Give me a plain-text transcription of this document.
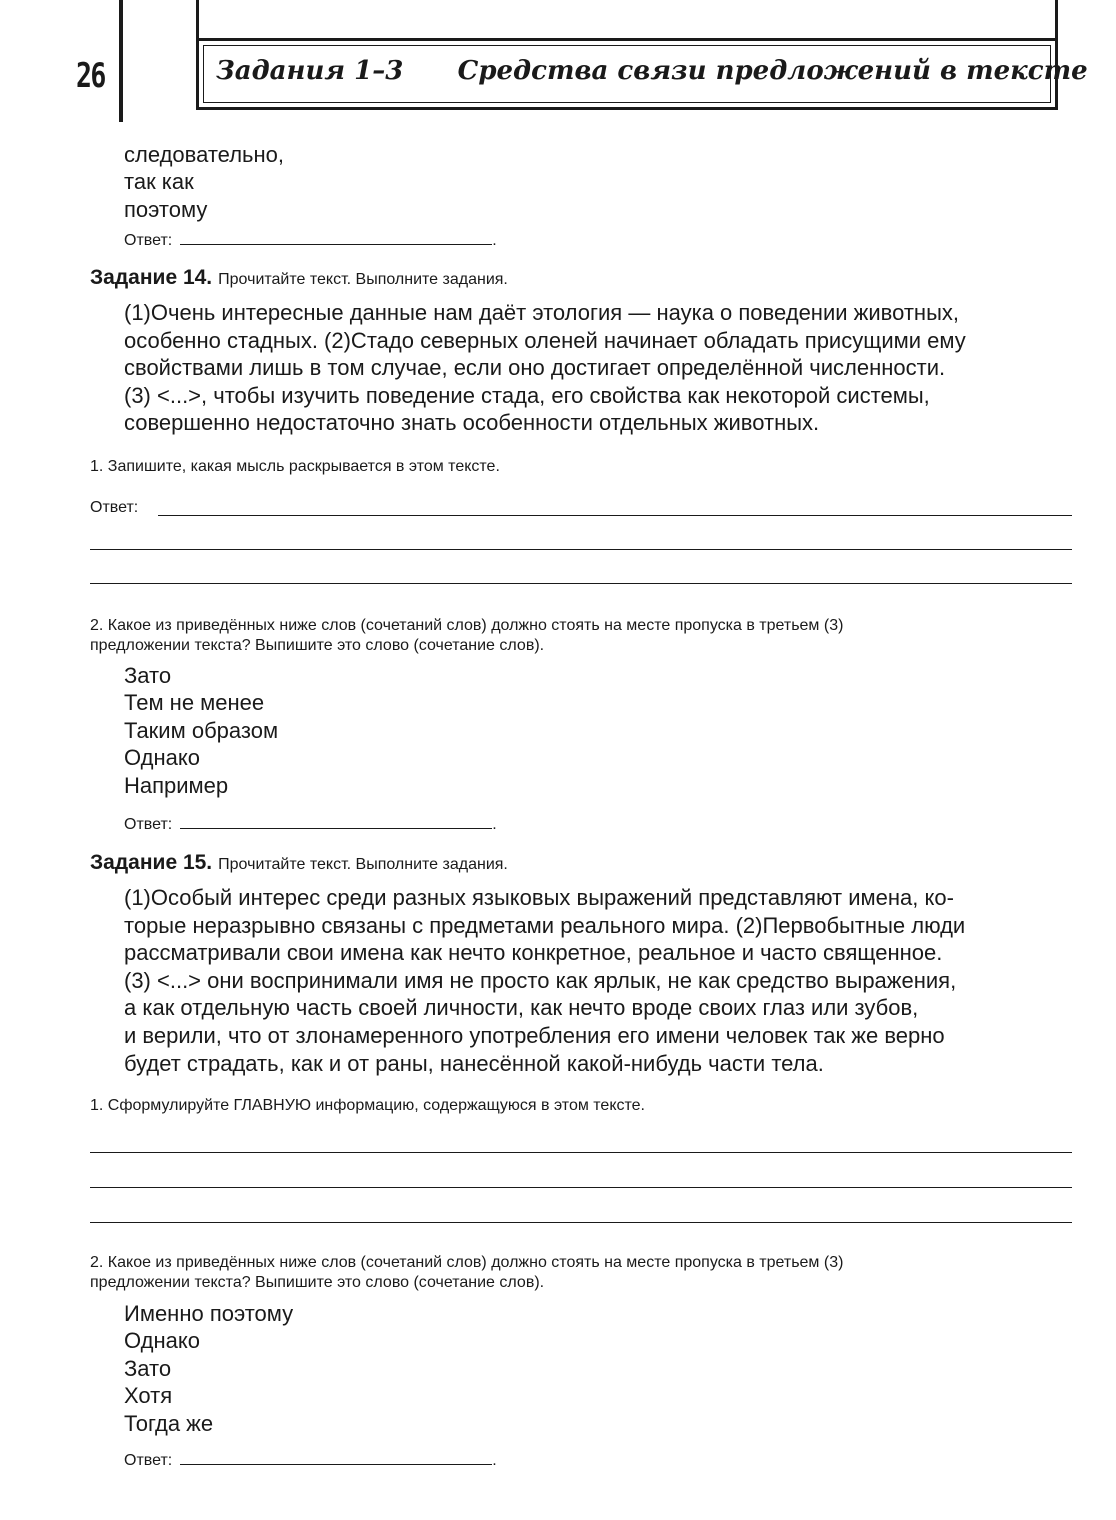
26	Задания 1–3 Средства связи предложений в тексте
следовательно,
так как
поэтому
Ответ:	.
Задание 14. Прочитайте текст. Выполните задания.
(1)Очень интересные данные нам даёт этология — наука о поведении животных,
особенно стадных. (2)Стадо северных оленей начинает обладать присущими ему
свойствами лишь в том случае, если оно достигает определённой численности.
(3) <...>, чтобы изучить поведение стада, его свойства как некоторой системы,
совершенно недостаточно знать особенности отдельных животных.
1. Запишите, какая мысль раскрывается в этом тексте.
Ответ:
2. Какое из приведённых ниже слов (сочетаний слов) должно стоять на месте пропуска в третьем (3)
предложении текста? Выпишите это слово (сочетание слов).
Зато
Тем не менее
Таким образом
Однако
Например
Ответ:	.
Задание 15. Прочитайте текст. Выполните задания.
(1)Особый интерес среди разных языковых выражений представляют имена, ко-
торые неразрывно связаны с предметами реального мира. (2)Первобытные люди
рассматривали свои имена как нечто конкретное, реальное и часто священное.
(3) <...> они воспринимали имя не просто как ярлык, не как средство выражения,
а как отдельную часть своей личности, как нечто вроде своих глаз или зубов,
и верили, что от злонамеренного употребления его имени человек так же верно
будет страдать, как и от раны, нанесённой какой-нибудь части тела.
1. Сформулируйте ГЛАВНУЮ информацию, содержащуюся в этом тексте.
2. Какое из приведённых ниже слов (сочетаний слов) должно стоять на месте пропуска в третьем (3)
предложении текста? Выпишите это слово (сочетание слов).
Именно поэтому
Однако
Зато
Хотя
Тогда же
Ответ:	.
